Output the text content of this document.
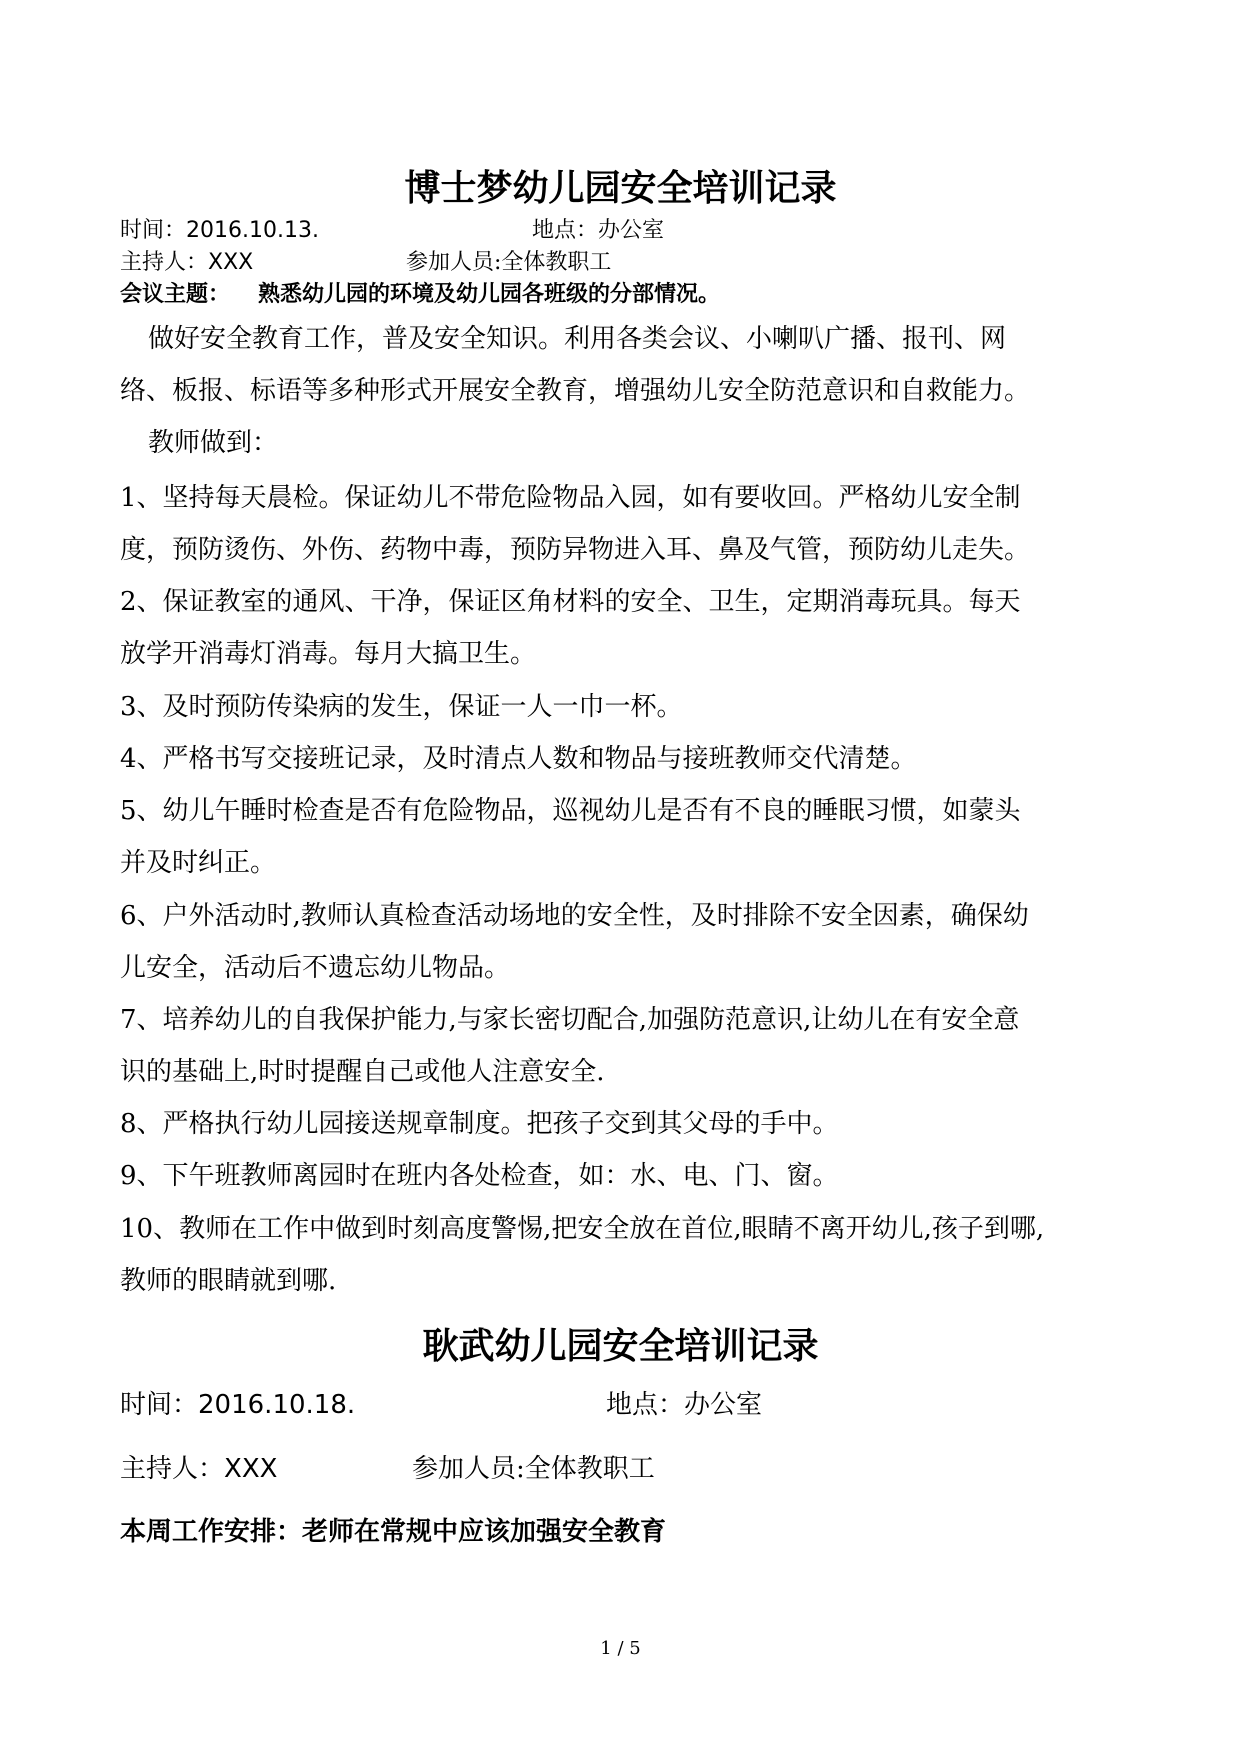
博士梦幼儿园安全培训记录
时间：2016.10.13.	地点：办公室
主持人：XXX	参加人员:全体教职工
会议主题： 熟悉幼儿园的环境及幼儿园各班级的分部情况。
做好安全教育工作，普及安全知识。利用各类会议、小喇叭广播、报刊、网
络、板报、标语等多种形式开展安全教育，增强幼儿安全防范意识和自救能力。
教师做到：
1、坚持每天晨检。保证幼儿不带危险物品入园，如有要收回。严格幼儿安全制
度，预防烫伤、外伤、药物中毒，预防异物进入耳、鼻及气管，预防幼儿走失。
2、保证教室的通风、干净，保证区角材料的安全、卫生，定期消毒玩具。每天
放学开消毒灯消毒。每月大搞卫生。
3、及时预防传染病的发生，保证一人一巾一杯。
4、严格书写交接班记录，及时清点人数和物品与接班教师交代清楚。
5、幼儿午睡时检查是否有危险物品，巡视幼儿是否有不良的睡眠习惯，如蒙头
并及时纠正。
6、户外活动时,教师认真检查活动场地的安全性，及时排除不安全因素，确保幼
儿安全，活动后不遗忘幼儿物品。
7、培养幼儿的自我保护能力,与家长密切配合,加强防范意识,让幼儿在有安全意
识的基础上,时时提醒自己或他人注意安全.
8、严格执行幼儿园接送规章制度。把孩子交到其父母的手中。
9、下午班教师离园时在班内各处检查，如：水、电、门、窗。
10、教师在工作中做到时刻高度警惕,把安全放在首位,眼睛不离开幼儿,孩子到哪,
教师的眼睛就到哪.
耿武幼儿园安全培训记录
时间：2016.10.18.	地点：办公室
主持人：XXX	参加人员:全体教职工
本周工作安排：老师在常规中应该加强安全教育
1 / 5
